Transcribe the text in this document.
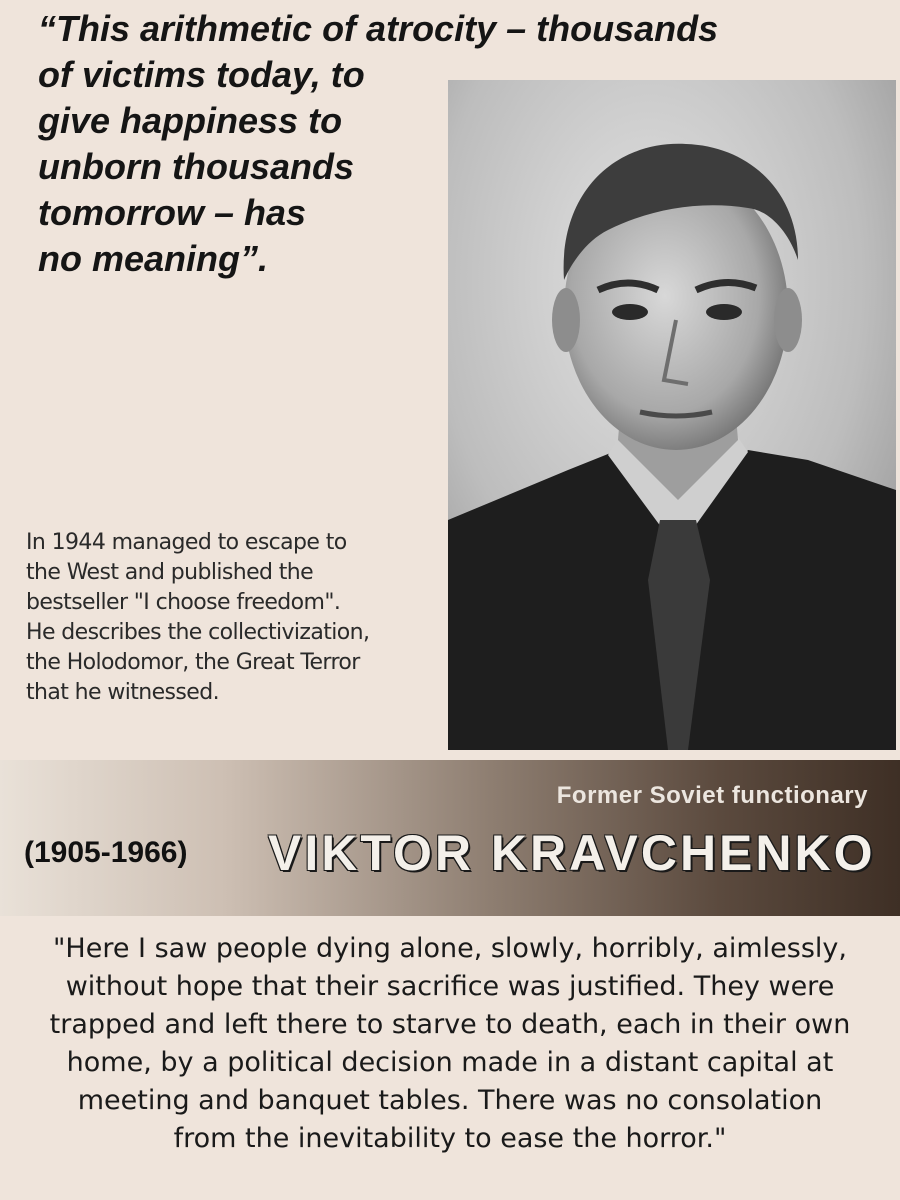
“This arithmetic of atrocity – thousands
of victims today, to
give happiness to
unborn thousands
tomorrow – has
no meaning”.
In 1944 managed to escape to
the West and published the
bestseller "I choose freedom".
He describes the collectivization,
the Holodomor, the Great Terror
that he witnessed.
Former Soviet functionary
(1905-1966) VIKTOR KRAVCHENKO
"Here I saw people dying alone, slowly, horribly, aimlessly,
without hope that their sacrifice was justified. They were
trapped and left there to starve to death, each in their own
home, by a political decision made in a distant capital at
meeting and banquet tables. There was no consolation
from the inevitability to ease the horror."
